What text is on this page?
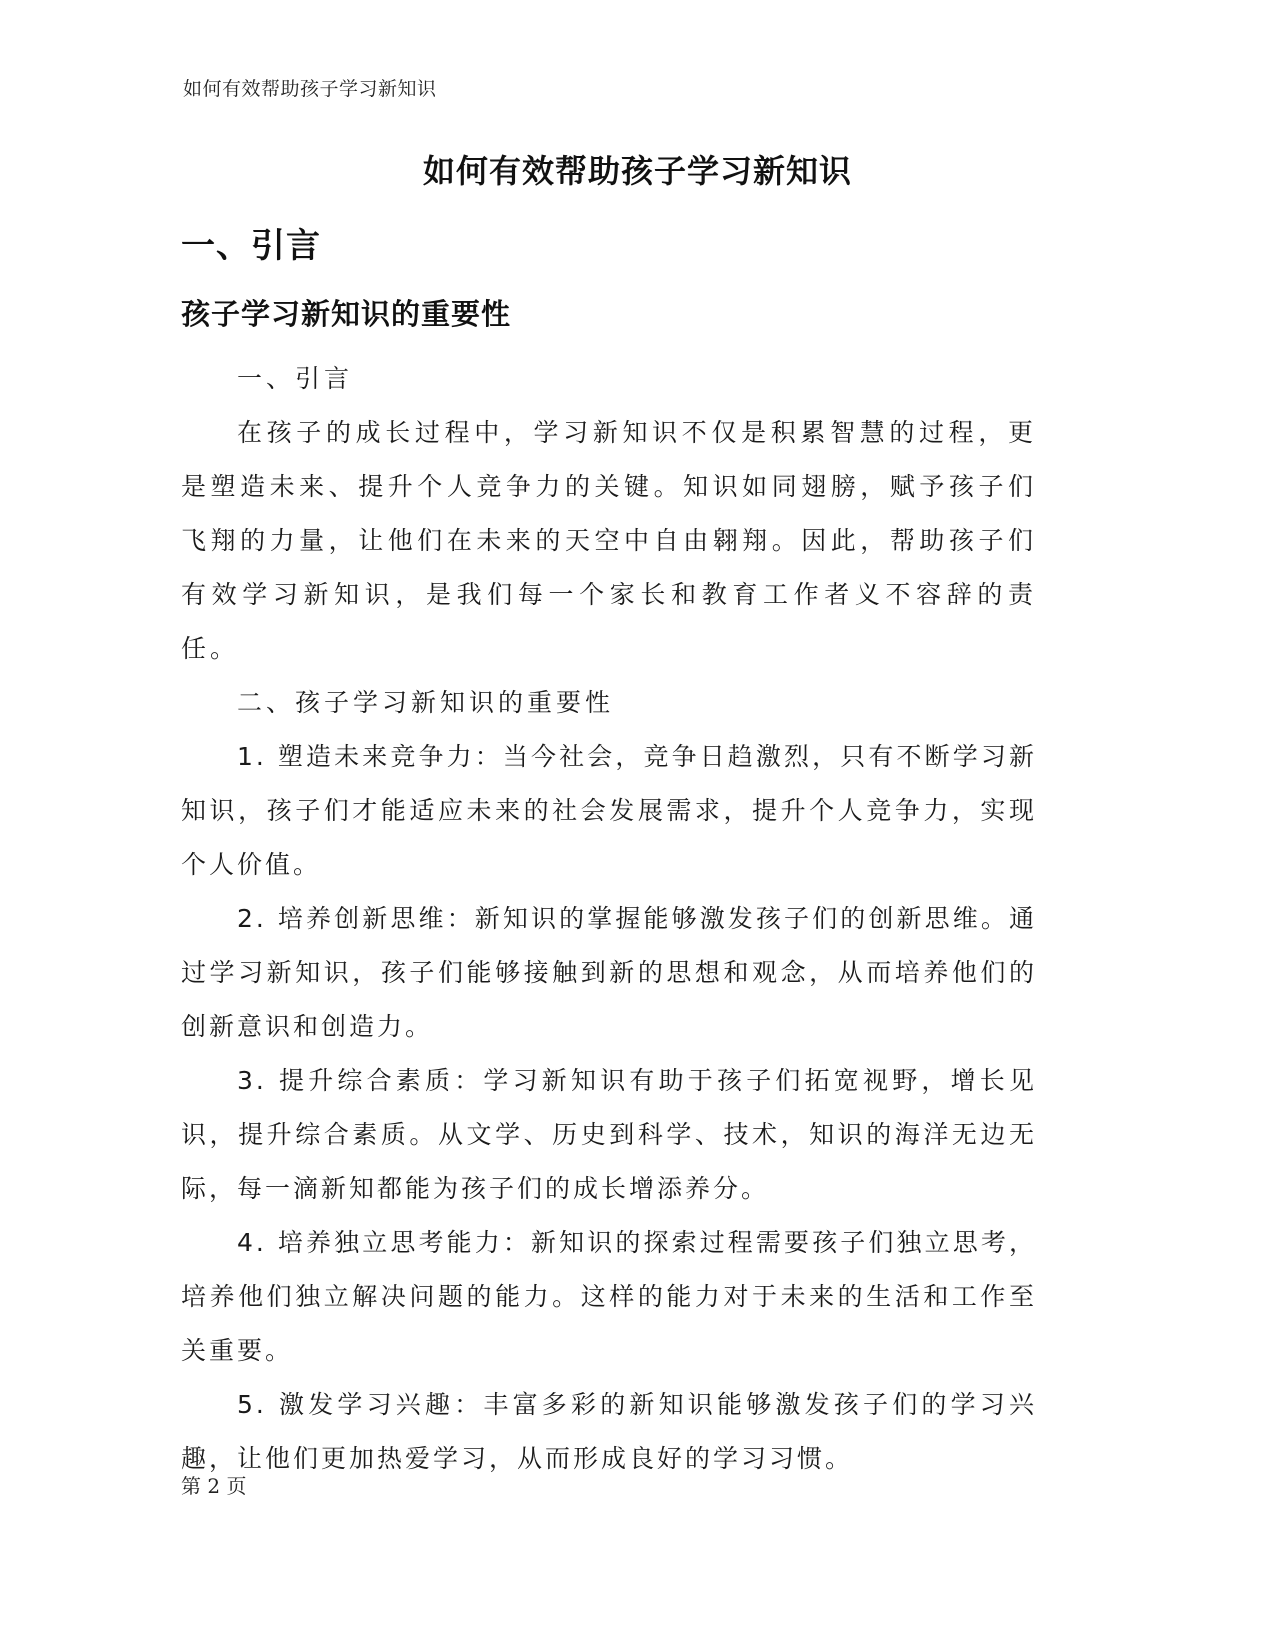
如何有效帮助孩子学习新知识
如何有效帮助孩子学习新知识
一、引言
孩子学习新知识的重要性

一、引言

在孩子的成长过程中，学习新知识不仅是积累智慧的过程，更是塑造未来、提升个人竞争力的关键。知识如同翅膀，赋予孩子们飞翔的力量，让他们在未来的天空中自由翱翔。因此，帮助孩子们有效学习新知识，是我们每一个家长和教育工作者义不容辞的责任。

二、孩子学习新知识的重要性

1. 塑造未来竞争力：当今社会，竞争日趋激烈，只有不断学习新知识，孩子们才能适应未来的社会发展需求，提升个人竞争力，实现个人价值。

2. 培养创新思维：新知识的掌握能够激发孩子们的创新思维。通过学习新知识，孩子们能够接触到新的思想和观念，从而培养他们的创新意识和创造力。

3. 提升综合素质：学习新知识有助于孩子们拓宽视野，增长见识，提升综合素质。从文学、历史到科学、技术，知识的海洋无边无际，每一滴新知都能为孩子们的成长增添养分。

4. 培养独立思考能力：新知识的探索过程需要孩子们独立思考，培养他们独立解决问题的能力。这样的能力对于未来的生活和工作至关重要。

5. 激发学习兴趣：丰富多彩的新知识能够激发孩子们的学习兴趣，让他们更加热爱学习，从而形成良好的学习习惯。

第 2 页
